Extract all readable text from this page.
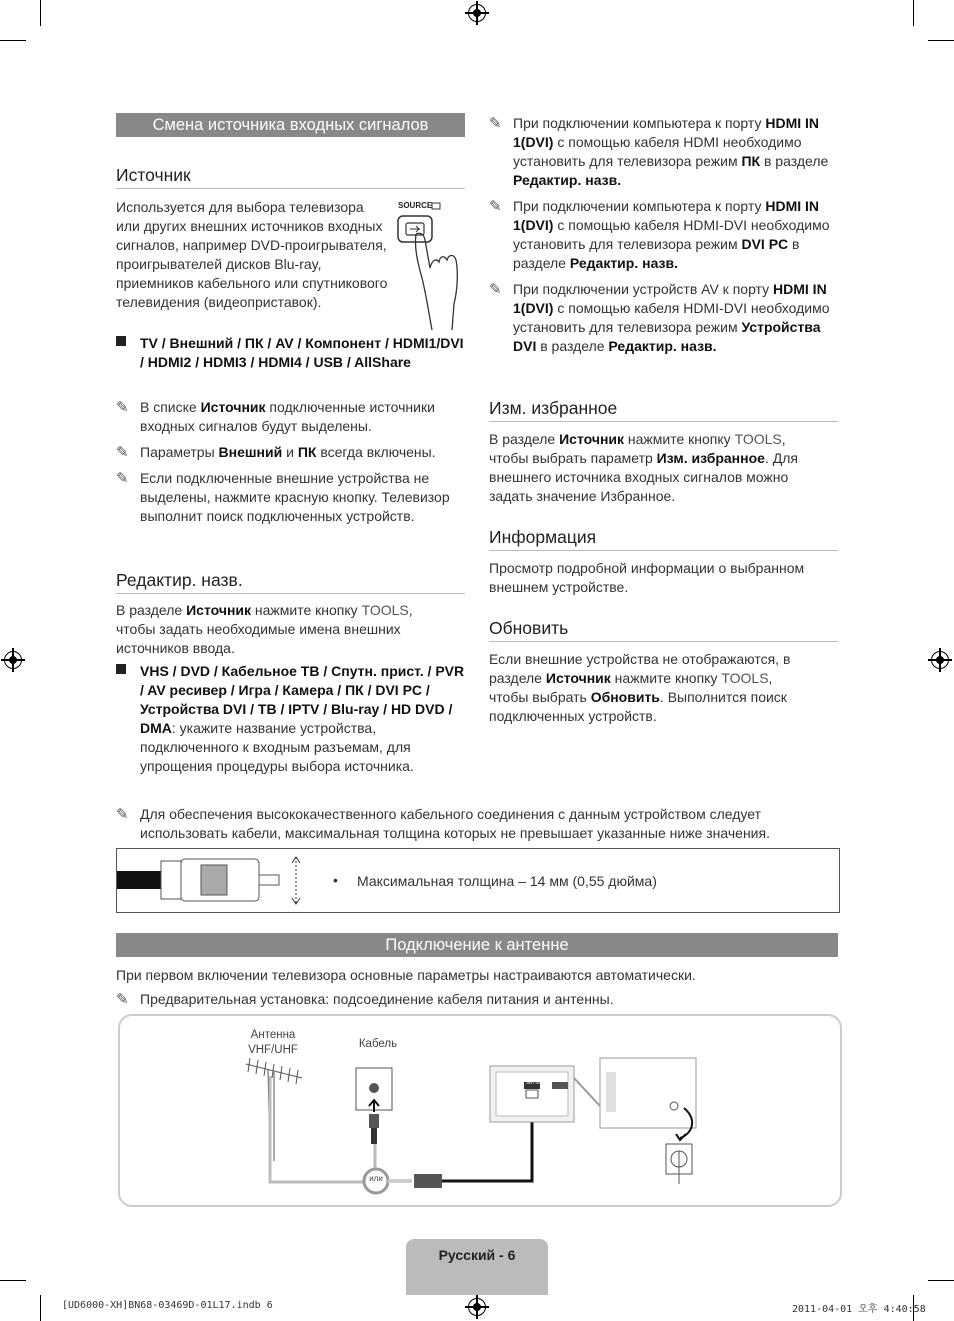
Смена источника входных сигналов
Источник

Используется для выбора телевизора или других внешних источников входных сигналов, например DVD-проигрывателя, проигрывателей дисков Blu-ray, приемников кабельного или спутникового телевидения (видеоприставок).

SOURCE
TV / Внешний / ПК / AV / Компонент / HDMI1/DVI / HDMI2 / HDMI3 / HDMI4 / USB / AllShare
✎ В списке Источник подключенные источники входных сигналов будут выделены.
✎ Параметры Внешний и ПК всегда включены.
✎ Если подключенные внешние устройства не выделены, нажмите красную кнопку. Телевизор выполнит поиск подключенных устройств.
Редактир. назв.

В разделе Источник нажмите кнопку TOOLS, чтобы задать необходимые имена внешних источников ввода.

VHS / DVD / Кабельное ТВ / Спутн. прист. / PVR / AV ресивер / Игра / Камера / ПК / DVI PC / Устройства DVI / TB / IPTV / Blu-ray / HD DVD / DMA: укажите название устройства, подключенного к входным разъемам, для упрощения процедуры выбора источника.
✎ При подключении компьютера к порту HDMI IN 1(DVI) с помощью кабеля HDMI необходимо установить для телевизора режим ПК в разделе Редактир. назв.
✎ При подключении компьютера к порту HDMI IN 1(DVI) с помощью кабеля HDMI-DVI необходимо установить для телевизора режим DVI PC в разделе Редактир. назв.
✎ При подключении устройств AV к порту HDMI IN 1(DVI) с помощью кабеля HDMI-DVI необходимо установить для телевизора режим Устройства DVI в разделе Редактир. назв.
Изм. избранное

В разделе Источник нажмите кнопку TOOLS, чтобы выбрать параметр Изм. избранное. Для внешнего источника входных сигналов можно задать значение Избранное.

Информация

Просмотр подробной информации о выбранном внешнем устройстве.

Обновить

Если внешние устройства не отображаются, в разделе Источник нажмите кнопку TOOLS, чтобы выбрать Обновить. Выполнится поиск подключенных устройств.

✎ Для обеспечения высококачественного кабельного соединения с данным устройством следует использовать кабели, максимальная толщина которых не превышает указанные ниже значения.
• Максимальная толщина – 14 мм (0,55 дюйма)
Подключение к антенне

При первом включении телевизора основные параметры настраиваются автоматически.

✎ Предварительная установка: подсоединение кабеля питания и антенны.
Антенна
VHF/UHF	Кабель
или
ANT IN
Русский - 6
[UD6000-XH]BN68-03469D-01L17.indb 6	2011-04-01 오후 4:40:58
